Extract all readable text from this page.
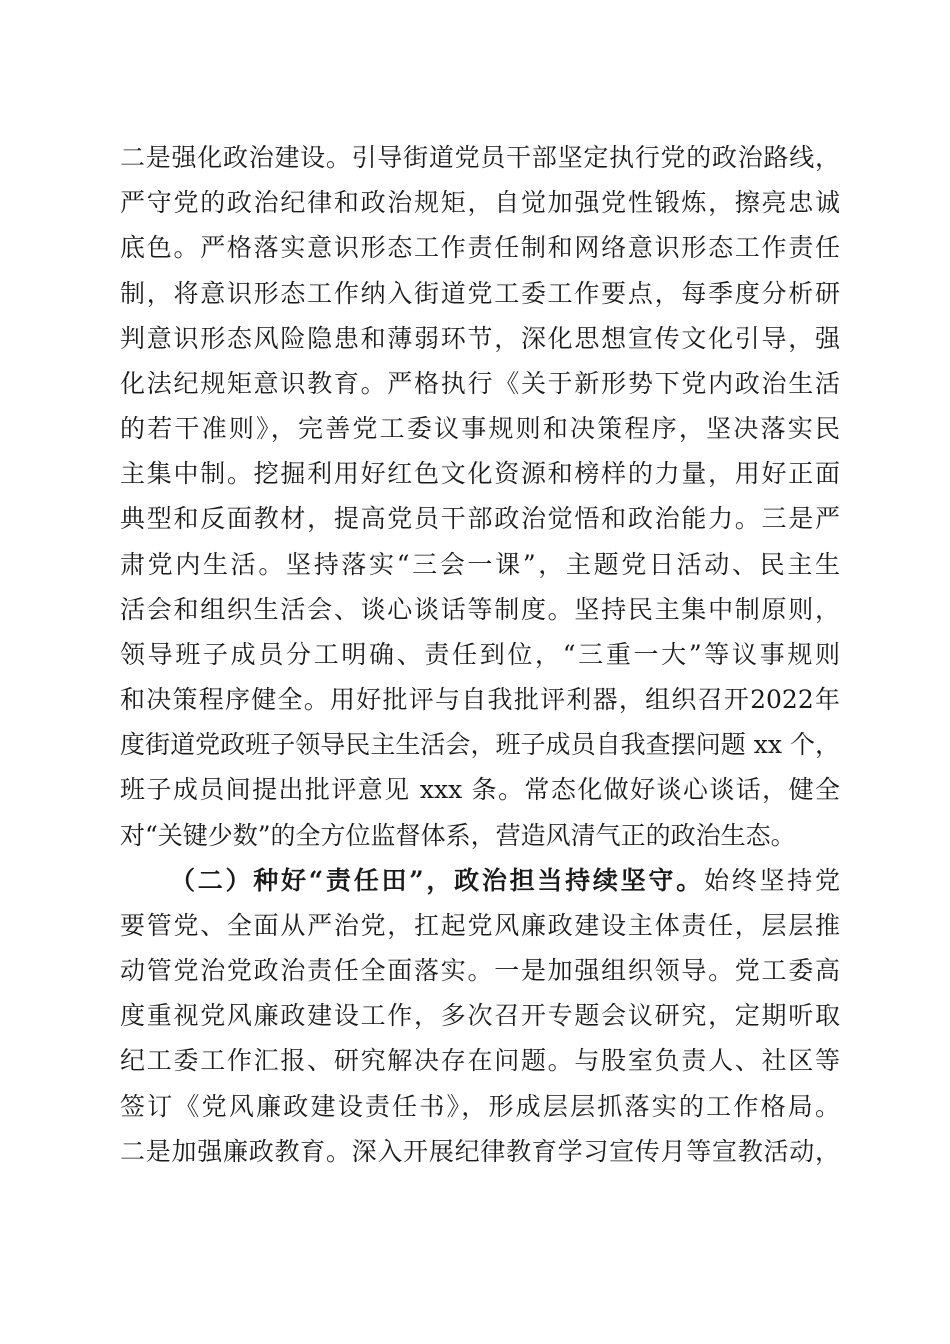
二是强化政治建设。引导街道党员干部坚定执行党的政治路线，
严守党的政治纪律和政治规矩，自觉加强党性锻炼，擦亮忠诚
底色。严格落实意识形态工作责任制和网络意识形态工作责任
制，将意识形态工作纳入街道党工委工作要点，每季度分析研
判意识形态风险隐患和薄弱环节，深化思想宣传文化引导，强
化法纪规矩意识教育。严格执行《关于新形势下党内政治生活
的若干准则》，完善党工委议事规则和决策程序，坚决落实民
主集中制。挖掘利用好红色文化资源和榜样的力量，用好正面
典型和反面教材，提高党员干部政治觉悟和政治能力。三是严
肃党内生活。坚持落实“三会一课”，主题党日活动、民主生
活会和组织生活会、谈心谈话等制度。坚持民主集中制原则，
领导班子成员分工明确、责任到位，“三重一大”等议事规则
和决策程序健全。用好批评与自我批评利器，组织召开2022年
度街道党政班子领导民主生活会，班子成员自我查摆问题 xx 个，
班子成员间提出批评意见 xxx 条。常态化做好谈心谈话，健全
对“关键少数”的全方位监督体系，营造风清气正的政治生态。
（二）种好“责任田”，政治担当持续坚守。始终坚持党
要管党、全面从严治党，扛起党风廉政建设主体责任，层层推
动管党治党政治责任全面落实。一是加强组织领导。党工委高
度重视党风廉政建设工作，多次召开专题会议研究，定期听取
纪工委工作汇报、研究解决存在问题。与股室负责人、社区等
签订《党风廉政建设责任书》，形成层层抓落实的工作格局。
二是加强廉政教育。深入开展纪律教育学习宣传月等宣教活动，
